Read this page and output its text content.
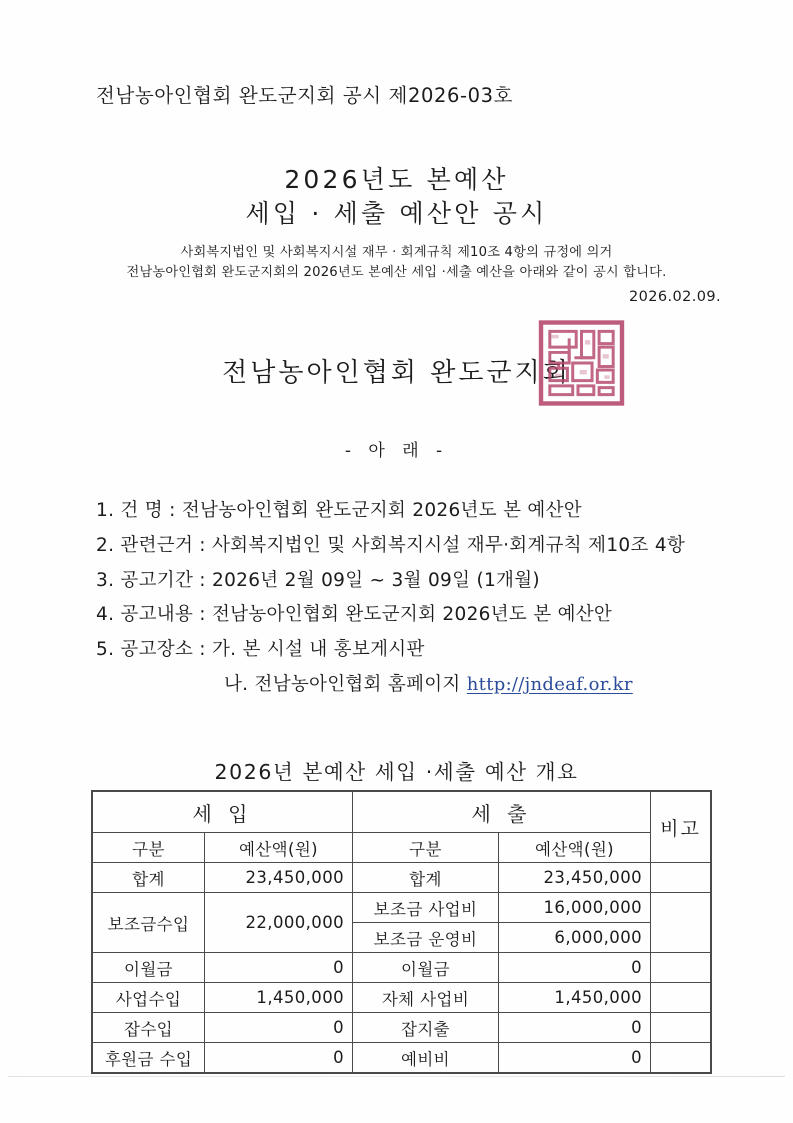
전남농아인협회 완도군지회 공시 제2026-03호
2026년도 본예산
세입 · 세출 예산안 공시
사회복지법인 및 사회복지시설 재무 · 회계규칙 제10조 4항의 규정에 의거
전남농아인협회 완도군지회의 2026년도 본예산 세입 ·세출 예산을 아래와 같이 공시 합니다.
2026.02.09.
전남농아인협회 완도군지회
- 아 래 -
1. 건 명 : 전남농아인협회 완도군지회 2026년도 본 예산안
2. 관련근거 : 사회복지법인 및 사회복지시설 재무·회계규칙 제10조 4항
3. 공고기간 : 2026년 2월 09일 ~ 3월 09일 (1개월)
4. 공고내용 : 전남농아인협회 완도군지회 2026년도 본 예산안
5. 공고장소 : 가. 본 시설 내 홍보게시판
나. 전남농아인협회 홈페이지 http://jndeaf.or.kr
2026년 본예산 세입 ·세출 예산 개요
세 입		세 출		비고
구분	예산액(원)	구분	예산액(원)	
합계	23,450,000	합계	23,450,000	
보조금수입	22,000,000	보조금 사업비	16,000,000	
		보조금 운영비	6,000,000	
이월금	0	이월금	0	
사업수입	1,450,000	자체 사업비	1,450,000	
잡수입	0	잡지출	0	
후원금 수입	0	예비비	0	
